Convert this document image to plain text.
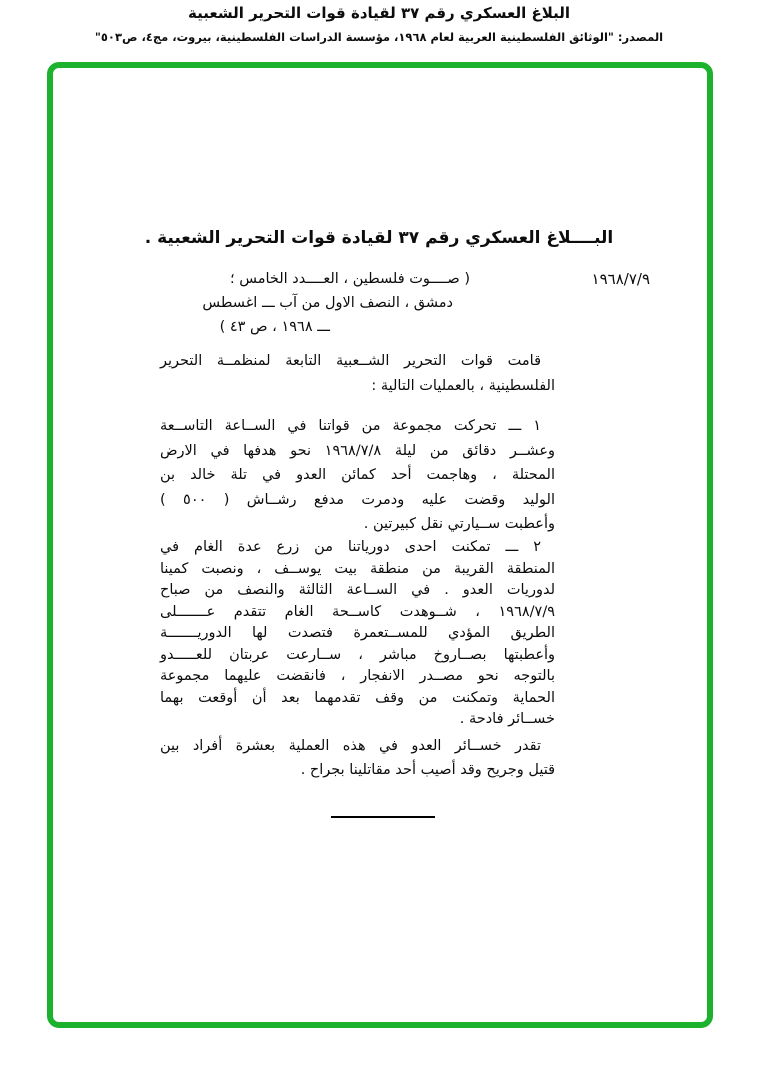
البلاغ العسكري رقم ٣٧ لقيادة قوات التحرير الشعبية
المصدر: "الوثائق الفلسطينية العربية لعام ١٩٦٨، مؤسسة الدراسات الفلسطينية، بيروت، مج٤، ص٥٠٣"
البــــلاغ العسكري رقم ٣٧ لقيادة قوات التحرير الشعبية .
١٩٦٨/٧/٩
( صــــوت فلسطين ، العــــدد الخامس ؛
دمشق ، النصف الاول من آب ـــ اغسطس
ـــ ١٩٦٨ ، ص ٤٣ )
قامت قوات التحرير الشــعبية التابعة لمنظمــة التحرير
الفلسطينية ، بالعمليات التالية :
١ ـــ تحركت مجموعة من قواتنا في الســاعة التاســعة
وعشــر دقائق من ليلة ١٩٦٨/٧/٨ نحو هدفها في الارض
المحتلة ، وهاجمت أحد كمائن العدو في تلة خالد بن
الوليد وقضت عليه ودمرت مدفع رشــاش ( ٥٠٠ )
وأعطبت ســيارتي نقل كبيرتين .
٢ ـــ تمكنت احدى دورياتنا من زرع عدة الغام في
المنطقة القريبة من منطقة بيت يوســف ، ونصبت كمينا
لدوريات العدو . في الســاعة الثالثة والنصف من صباح
١٩٦٨/٧/٩ ، شــوهدت كاســحة الغام تتقدم عـــــــلى
الطريق المؤدي للمســتعمرة فتصدت لها الدوريـــــــة
وأعطبتها بصــاروخ مباشر ، ســارعت عربتان للعـــــدو
بالتوجه نحو مصــدر الانفجار ، فانقضت عليهما مجموعة
الحماية وتمكنت من وقف تقدمهما بعد أن أوقعت بهما
خســائر فادحة .
تقدر خســائر العدو في هذه العملية بعشرة أفراد بين
قتيل وجريح وقد أصيب أحد مقاتلينا بجراح .
